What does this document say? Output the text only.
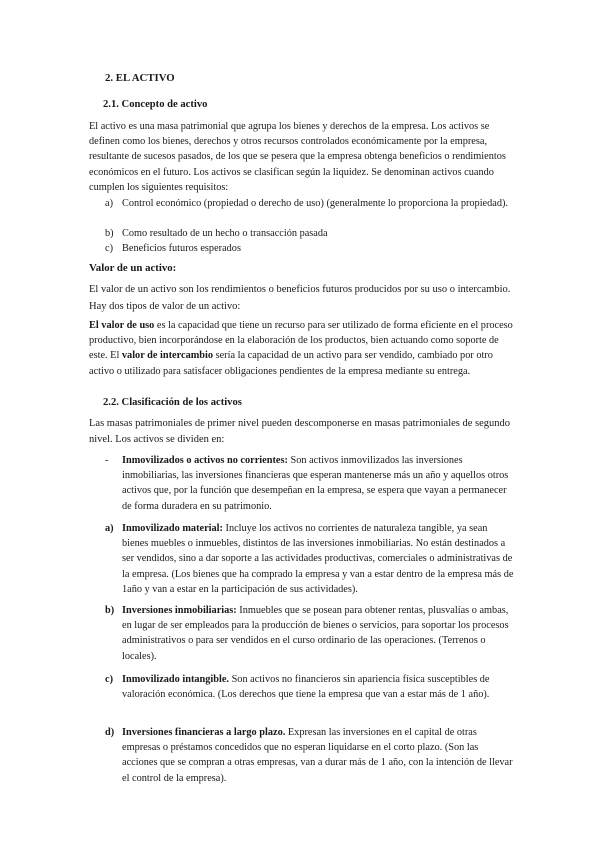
2. EL ACTIVO
2.1. Concepto de activo

El activo es una masa patrimonial que agrupa los bienes y derechos de la empresa. Los activos se definen como los bienes, derechos y otros recursos controlados económicamente por la empresa, resultante de sucesos pasados, de los que se pesera que la empresa obtenga beneficios o rendimientos económicos en el futuro. Los activos se clasifican según la liquidez. Se denominan activos cuando cumplen los siguientes requisitos:

a) Control económico (propiedad o derecho de uso) (generalmente lo proporciona la propiedad).
b) Como resultado de un hecho o transacción pasada
c) Beneficios futuros esperados
Valor de un activo:

El valor de un activo son los rendimientos o beneficios futuros producidos por su uso o intercambio. Hay dos tipos de valor de un activo:

El valor de uso es la capacidad que tiene un recurso para ser utilizado de forma eficiente en el proceso productivo, bien incorporándose en la elaboración de los productos, bien actuando como soporte de este. El valor de intercambio sería la capacidad de un activo para ser vendido, cambiado por otro activo o utilizado para satisfacer obligaciones pendientes de la empresa mediante su entrega.

2.2. Clasificación de los activos

Las masas patrimoniales de primer nivel pueden descomponerse en masas patrimoniales de segundo nivel. Los activos se dividen en:

- Inmovilizados o activos no corrientes: Son activos inmovilizados las inversiones inmobiliarias, las inversiones financieras que esperan mantenerse más un año y aquellos otros activos que, por la función que desempeñan en la empresa, se espera que vayan a permanecer de forma duradera en su patrimonio.

a) Inmovilizado material: Incluye los activos no corrientes de naturaleza tangible, ya sean bienes muebles o inmuebles, distintos de las inversiones inmobiliarias. No están destinados a ser vendidos, sino a dar soporte a las actividades productivas, comerciales o administrativas de la empresa. (Los bienes que ha comprado la empresa y van a estar dentro de la empresa más de 1año y van a estar en la participación de sus actividades).

b) Inversiones inmobiliarias: Inmuebles que se posean para obtener rentas, plusvalías o ambas, en lugar de ser empleados para la producción de bienes o servicios, para soportar los procesos administrativos o para ser vendidos en el curso ordinario de las operaciones. (Terrenos o locales).

c) Inmovilizado intangible. Son activos no financieros sin apariencia física susceptibles de valoración económica. (Los derechos que tiene la empresa que van a estar más de 1 año).

d) Inversiones financieras a largo plazo. Expresan las inversiones en el capital de otras empresas o préstamos concedidos que no esperan liquidarse en el corto plazo. (Son las acciones que se compran a otras empresas, van a durar más de 1 año, con la intención de llevar el control de la empresa).
